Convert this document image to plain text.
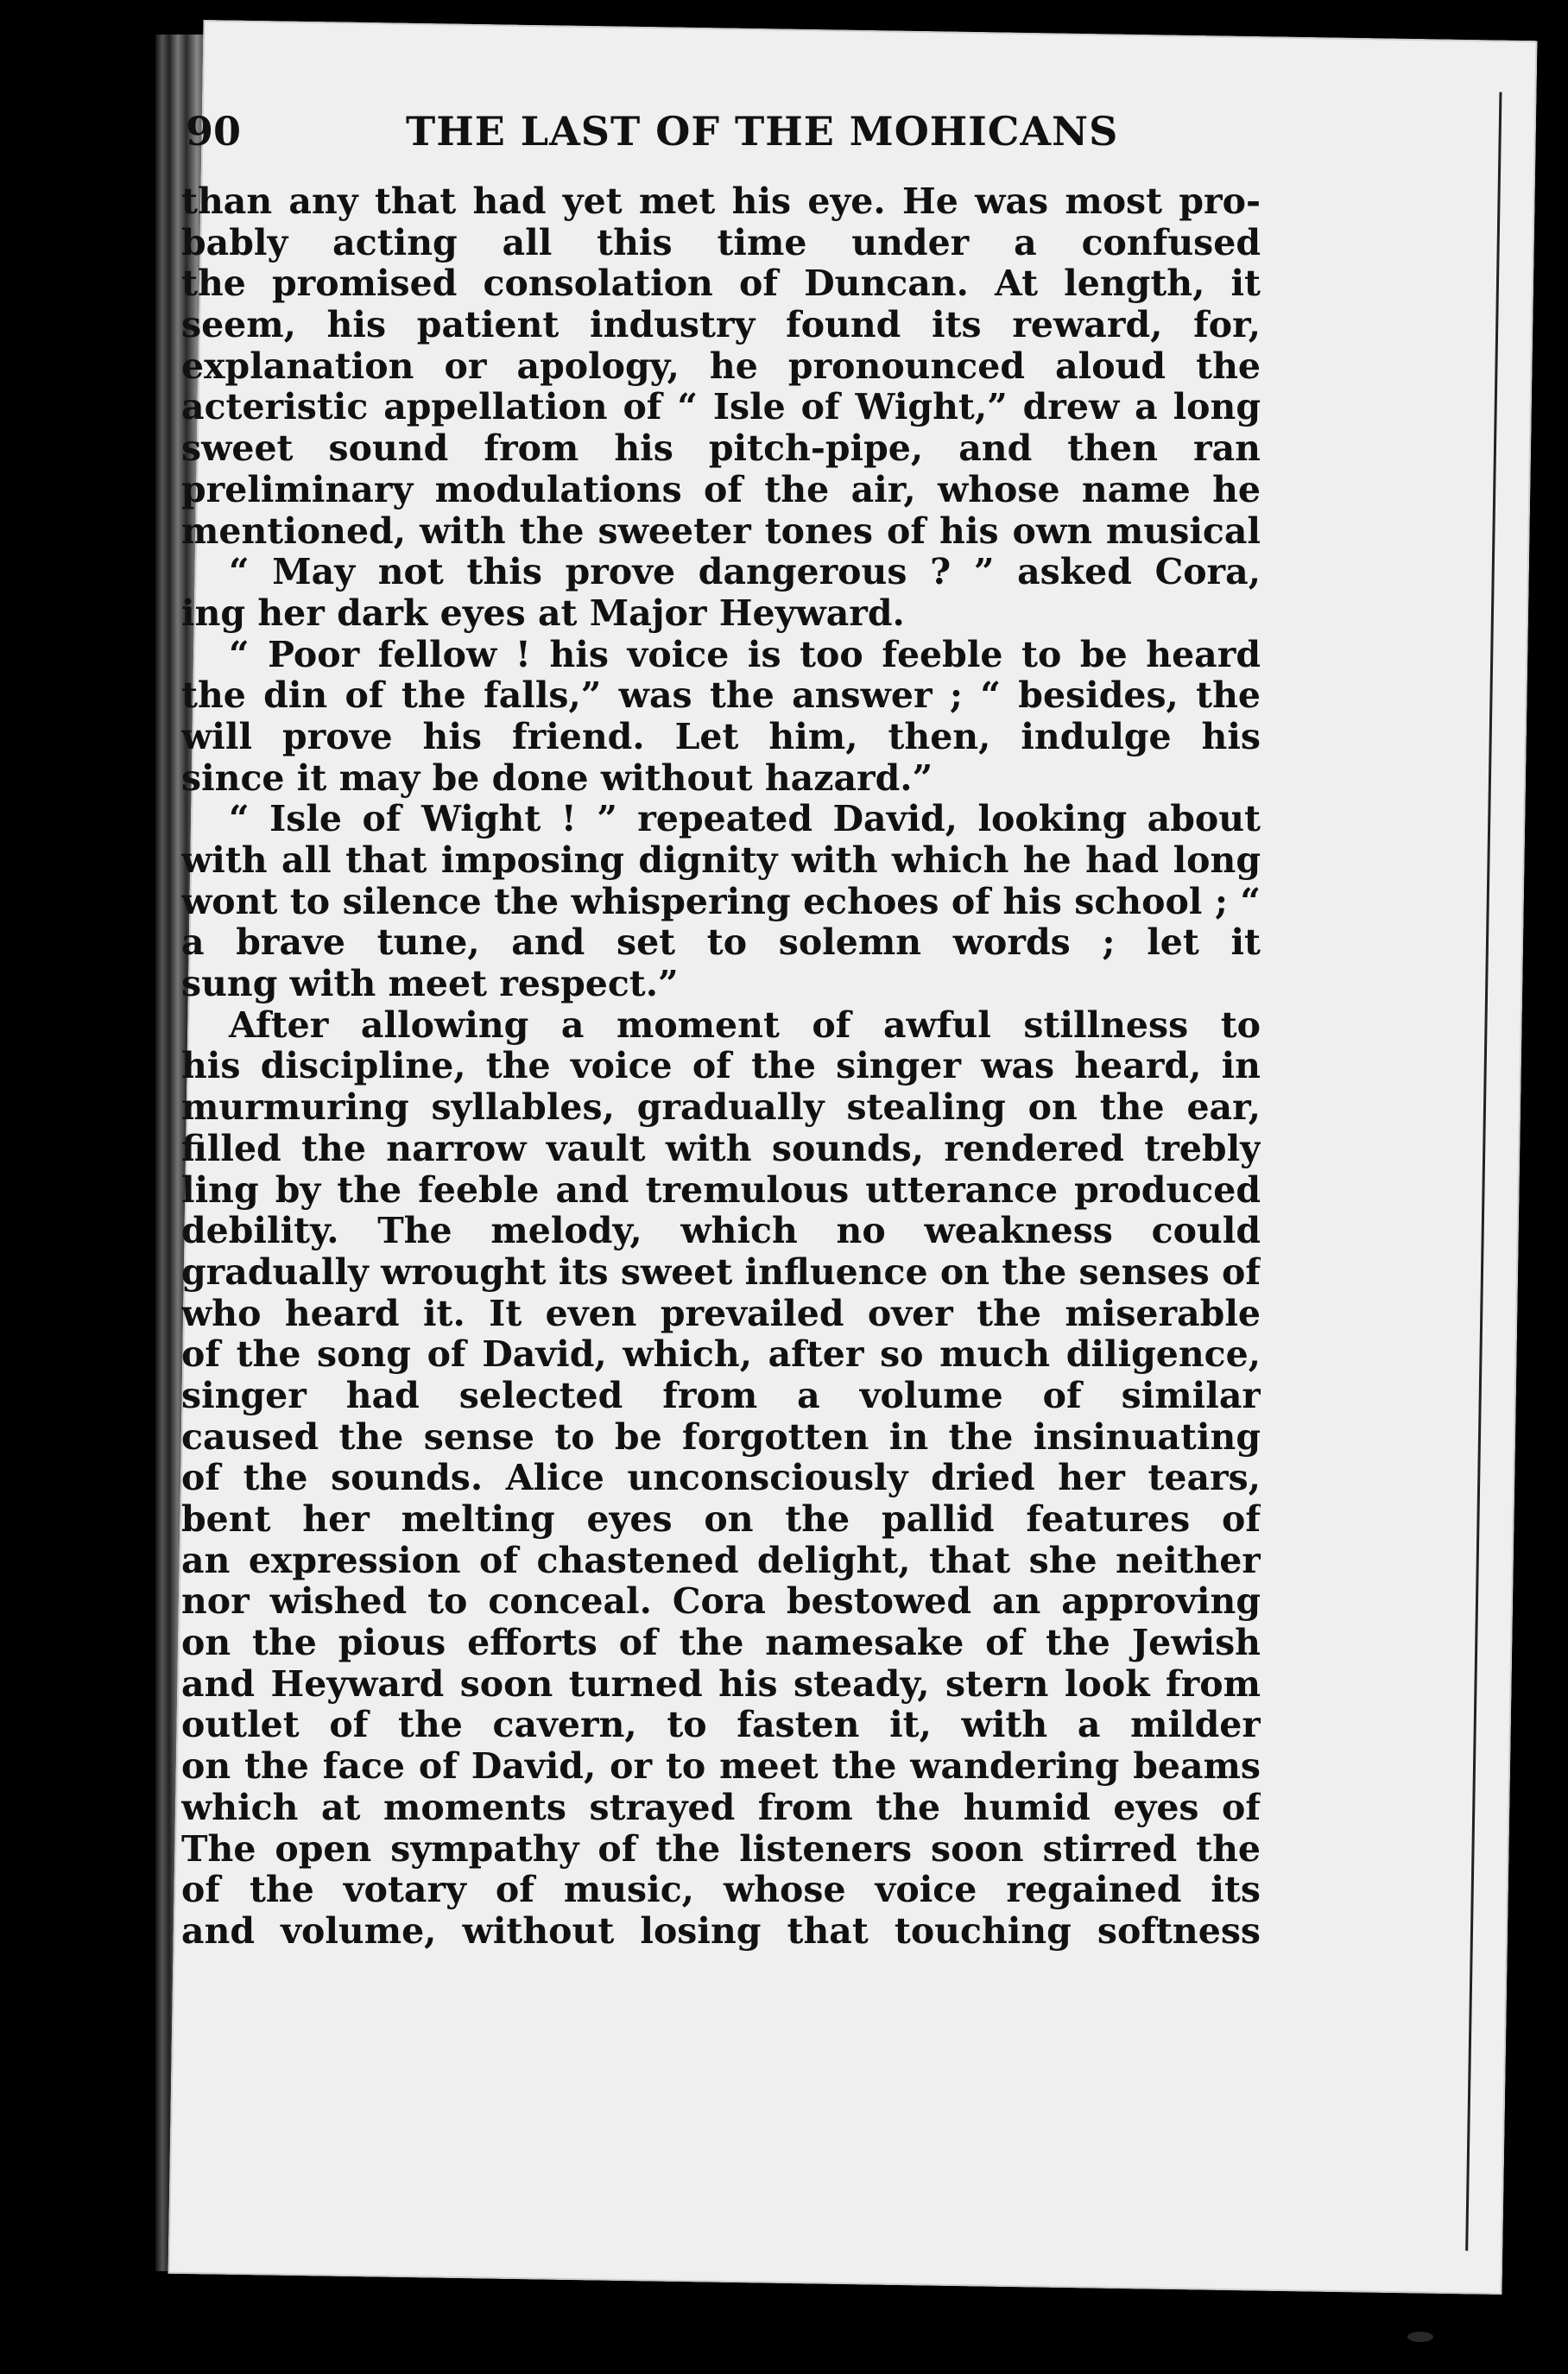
90	THE LAST OF THE MOHICANS
than any that had yet met his eye. He was most pro-
bably acting all this time under a confused
the promised consolation of Duncan. At length, it
seem, his patient industry found its reward, for,
explanation or apology, he pronounced aloud the
acteristic appellation of “ Isle of Wight,” drew a long
sweet sound from his pitch-pipe, and then ran
preliminary modulations of the air, whose name he
mentioned, with the sweeter tones of his own musical
“ May not this prove dangerous ? ” asked Cora,
ing her dark eyes at Major Heyward.
“ Poor fellow ! his voice is too feeble to be heard
the din of the falls,” was the answer ; “ besides, the
will prove his friend. Let him, then, indulge his
since it may be done without hazard.”
“ Isle of Wight ! ” repeated David, looking about
with all that imposing dignity with which he had long
wont to silence the whispering echoes of his school ; “
a brave tune, and set to solemn words ; let it
sung with meet respect.”
After allowing a moment of awful stillness to
his discipline, the voice of the singer was heard, in
murmuring syllables, gradually stealing on the ear,
filled the narrow vault with sounds, rendered trebly
ling by the feeble and tremulous utterance produced
debility. The melody, which no weakness could
gradually wrought its sweet influence on the senses of
who heard it. It even prevailed over the miserable
of the song of David, which, after so much diligence,
singer had selected from a volume of similar
caused the sense to be forgotten in the insinuating
of the sounds. Alice unconsciously dried her tears,
bent her melting eyes on the pallid features of
an expression of chastened delight, that she neither
nor wished to conceal. Cora bestowed an approving
on the pious efforts of the namesake of the Jewish
and Heyward soon turned his steady, stern look from
outlet of the cavern, to fasten it, with a milder
on the face of David, or to meet the wandering beams
which at moments strayed from the humid eyes of
The open sympathy of the listeners soon stirred the
of the votary of music, whose voice regained its
and volume, without losing that touching softness
